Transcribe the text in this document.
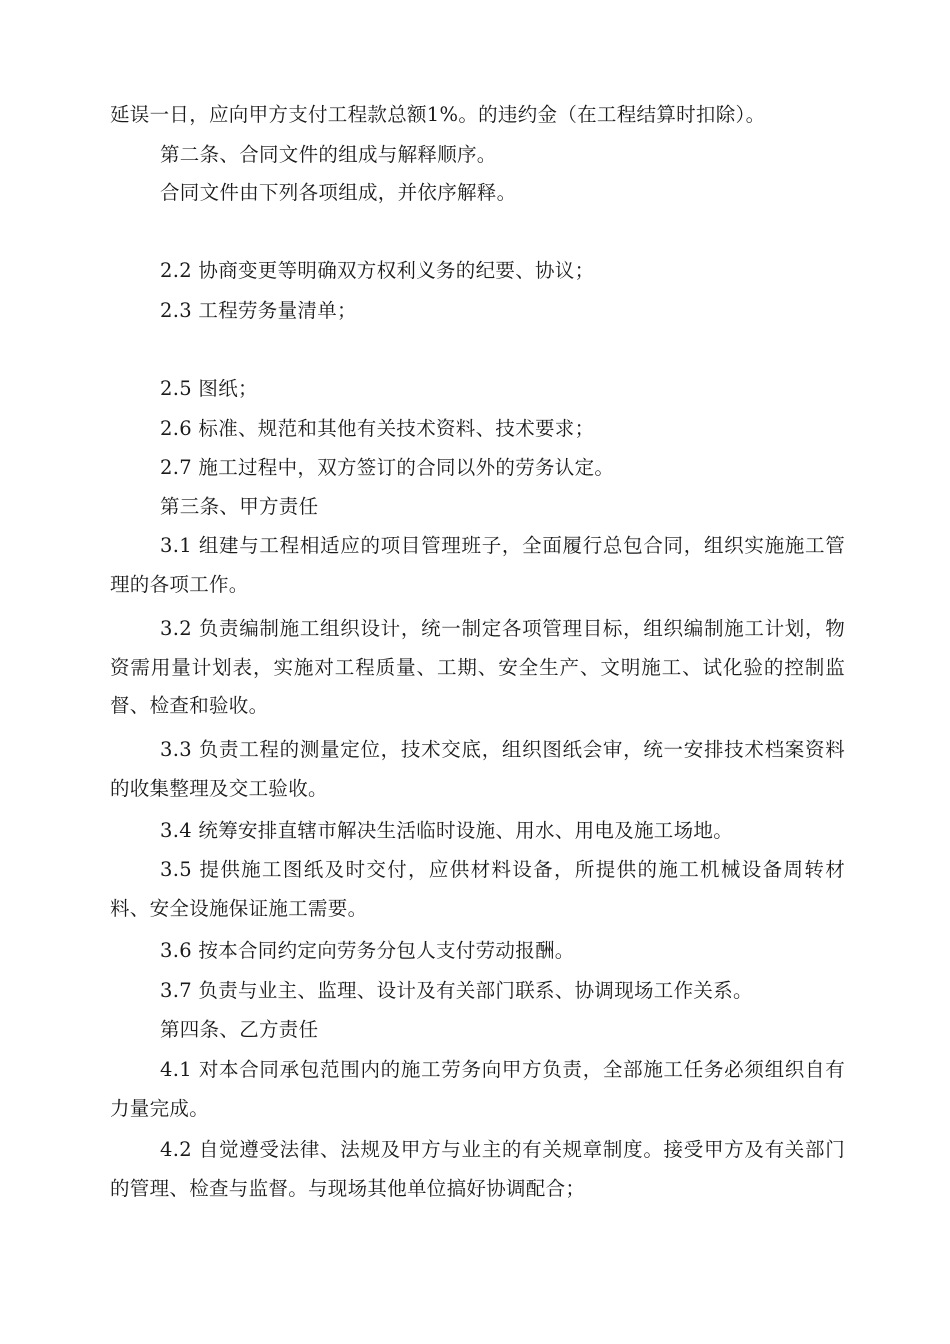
延误一日，应向甲方支付工程款总额1%。的违约金（在工程结算时扣除）。
第二条、合同文件的组成与解释顺序。
合同文件由下列各项组成，并依序解释。
2.2 协商变更等明确双方权利义务的纪要、协议；
2.3 工程劳务量清单；
2.5 图纸；
2.6 标准、规范和其他有关技术资料、技术要求；
2.7 施工过程中，双方签订的合同以外的劳务认定。
第三条、甲方责任
3.1 组建与工程相适应的项目管理班子，全面履行总包合同，组织实施施工管理的各项工作。
3.2 负责编制施工组织设计，统一制定各项管理目标，组织编制施工计划，物资需用量计划表，实施对工程质量、工期、安全生产、文明施工、试化验的控制监督、检查和验收。
3.3 负责工程的测量定位，技术交底，组织图纸会审，统一安排技术档案资料的收集整理及交工验收。
3.4 统筹安排直辖市解决生活临时设施、用水、用电及施工场地。
3.5 提供施工图纸及时交付，应供材料设备，所提供的施工机械设备周转材料、安全设施保证施工需要。
3.6 按本合同约定向劳务分包人支付劳动报酬。
3.7 负责与业主、监理、设计及有关部门联系、协调现场工作关系。
第四条、乙方责任
4.1 对本合同承包范围内的施工劳务向甲方负责，全部施工任务必须组织自有力量完成。
4.2 自觉遵受法律、法规及甲方与业主的有关规章制度。接受甲方及有关部门的管理、检查与监督。与现场其他单位搞好协调配合；
